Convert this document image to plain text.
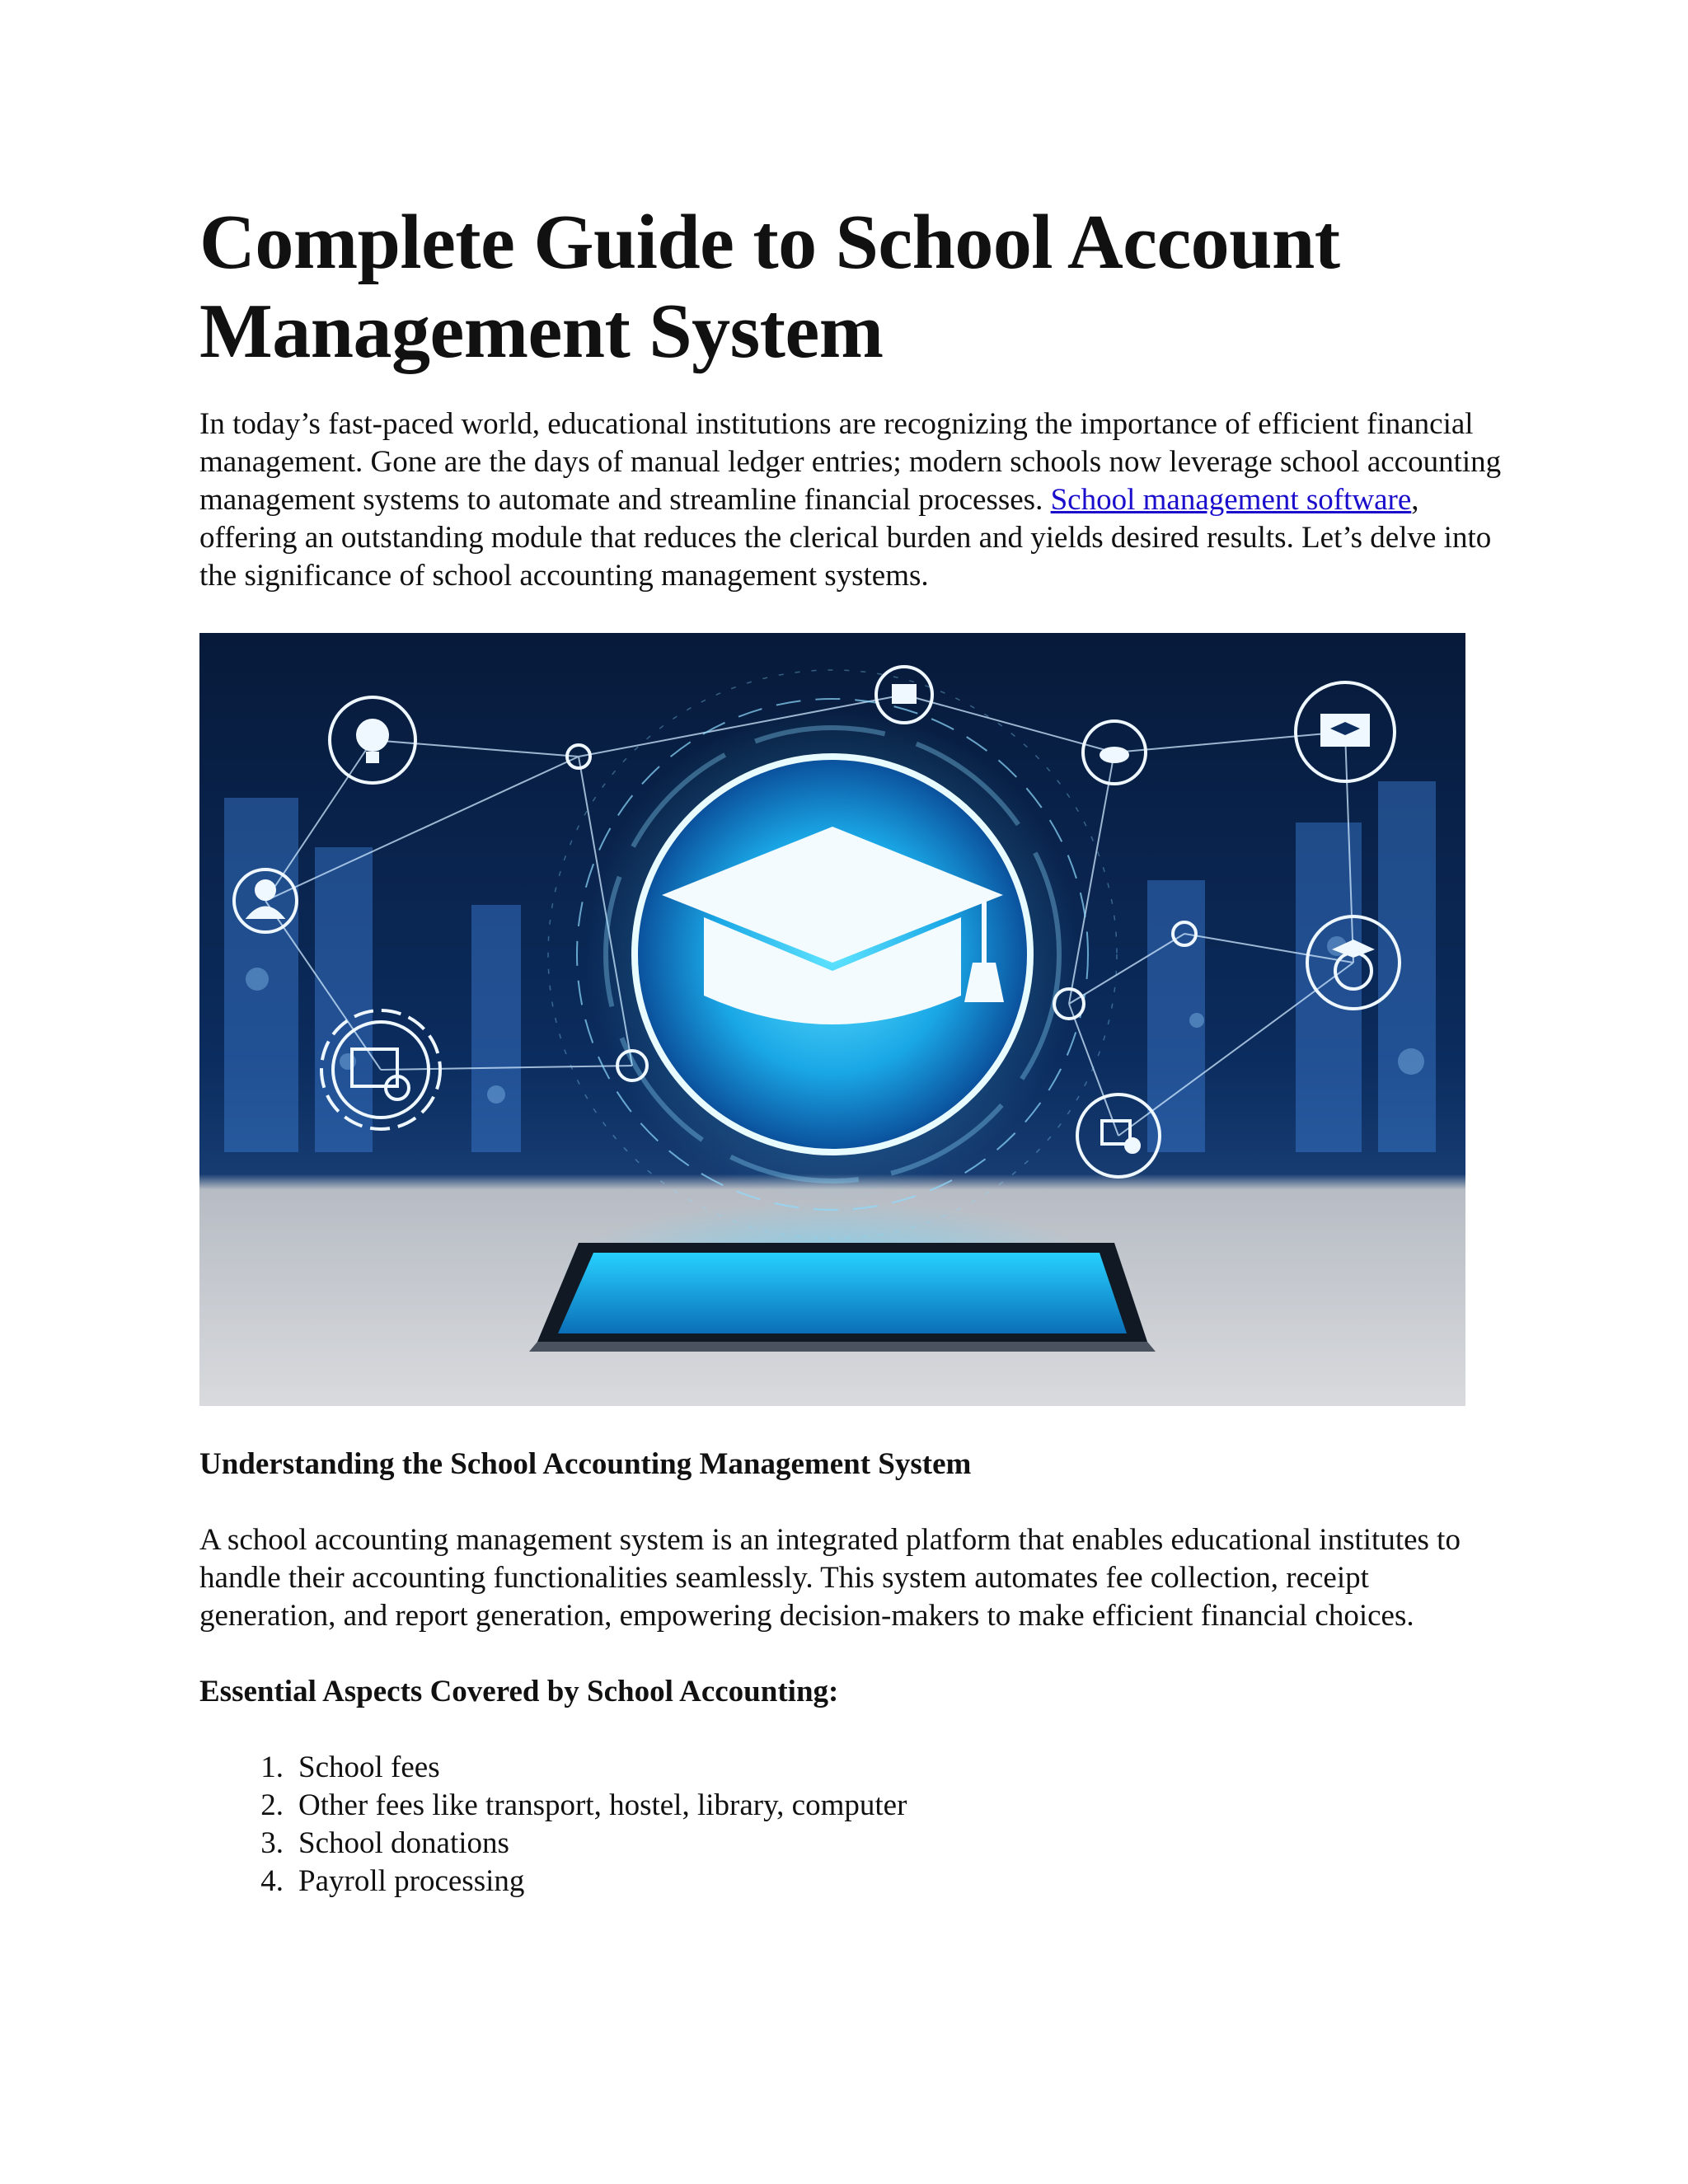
Complete Guide to School Account Management System

In today’s fast-paced world, educational institutions are recognizing the importance of efficient financial management. Gone are the days of manual ledger entries; modern schools now leverage school accounting management systems to automate and streamline financial processes. School management software, offering an outstanding module that reduces the clerical burden and yields desired results. Let’s delve into the significance of school accounting management systems.

Understanding the School Accounting Management System

A school accounting management system is an integrated platform that enables educational institutes to handle their accounting functionalities seamlessly. This system automates fee collection, receipt generation, and report generation, empowering decision-makers to make efficient financial choices.

Essential Aspects Covered by School Accounting:
1. School fees
2. Other fees like transport, hostel, library, computer
3. School donations
4. Payroll processing
